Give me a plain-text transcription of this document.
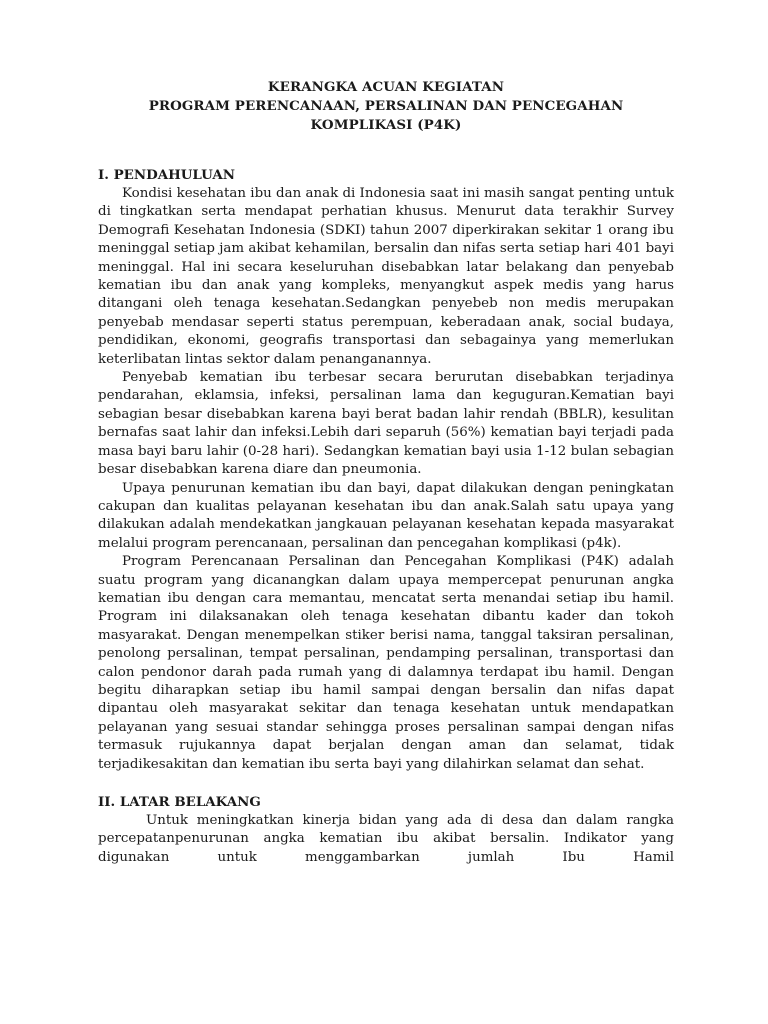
KERANGKA ACUAN KEGIATAN
PROGRAM PERENCANAAN, PERSALINAN DAN PENCEGAHAN
KOMPLIKASI (P4K)
I. PENDAHULUAN

Kondisi kesehatan ibu dan anak di Indonesia saat ini masih sangat penting untuk di tingkatkan serta mendapat perhatian khusus. Menurut data terakhir Survey Demografi Kesehatan Indonesia (SDKI) tahun 2007 diperkirakan sekitar 1 orang ibu meninggal setiap jam akibat kehamilan, bersalin dan nifas serta setiap hari 401 bayi meninggal. Hal ini secara keseluruhan disebabkan latar belakang dan penyebab kematian ibu dan anak yang kompleks, menyangkut aspek medis yang harus ditangani oleh tenaga kesehatan.Sedangkan penyebeb non medis merupakan penyebab mendasar seperti status perempuan, keberadaan anak, social budaya, pendidikan, ekonomi, geografis transportasi dan sebagainya yang memerlukan keterlibatan lintas sektor dalam penanganannya.

Penyebab kematian ibu terbesar secara berurutan disebabkan terjadinya pendarahan, eklamsia, infeksi, persalinan lama dan keguguran.Kematian bayi sebagian besar disebabkan karena bayi berat badan lahir rendah (BBLR), kesulitan bernafas saat lahir dan infeksi.Lebih dari separuh (56%) kematian bayi terjadi pada masa bayi baru lahir (0-28 hari). Sedangkan kematian bayi usia 1-12 bulan sebagian besar disebabkan karena diare dan pneumonia.

Upaya penurunan kematian ibu dan bayi, dapat dilakukan dengan peningkatan cakupan dan kualitas pelayanan kesehatan ibu dan anak.Salah satu upaya yang dilakukan adalah mendekatkan jangkauan pelayanan kesehatan kepada masyarakat melalui program perencanaan, persalinan dan pencegahan komplikasi (p4k).

Program Perencanaan Persalinan dan Pencegahan Komplikasi (P4K) adalah suatu program yang dicanangkan dalam upaya mempercepat penurunan angka kematian ibu dengan cara memantau, mencatat serta menandai setiap ibu hamil. Program ini dilaksanakan oleh tenaga kesehatan dibantu kader dan tokoh masyarakat. Dengan menempelkan stiker berisi nama, tanggal taksiran persalinan, penolong persalinan, tempat persalinan, pendamping persalinan, transportasi dan calon pendonor darah pada rumah yang di dalamnya terdapat ibu hamil. Dengan begitu diharapkan setiap ibu hamil sampai dengan bersalin dan nifas dapat dipantau oleh masyarakat sekitar dan tenaga kesehatan untuk mendapatkan pelayanan yang sesuai standar sehingga proses persalinan sampai dengan nifas termasuk rujukannya dapat berjalan dengan aman dan selamat, tidak terjadikesakitan dan kematian ibu serta bayi yang dilahirkan selamat dan sehat.

II. LATAR BELAKANG

Untuk meningkatkan kinerja bidan yang ada di desa dan dalam rangka percepatanpenurunan angka kematian ibu akibat bersalin. Indikator yang digunakan untuk menggambarkan jumlah Ibu Hamil
